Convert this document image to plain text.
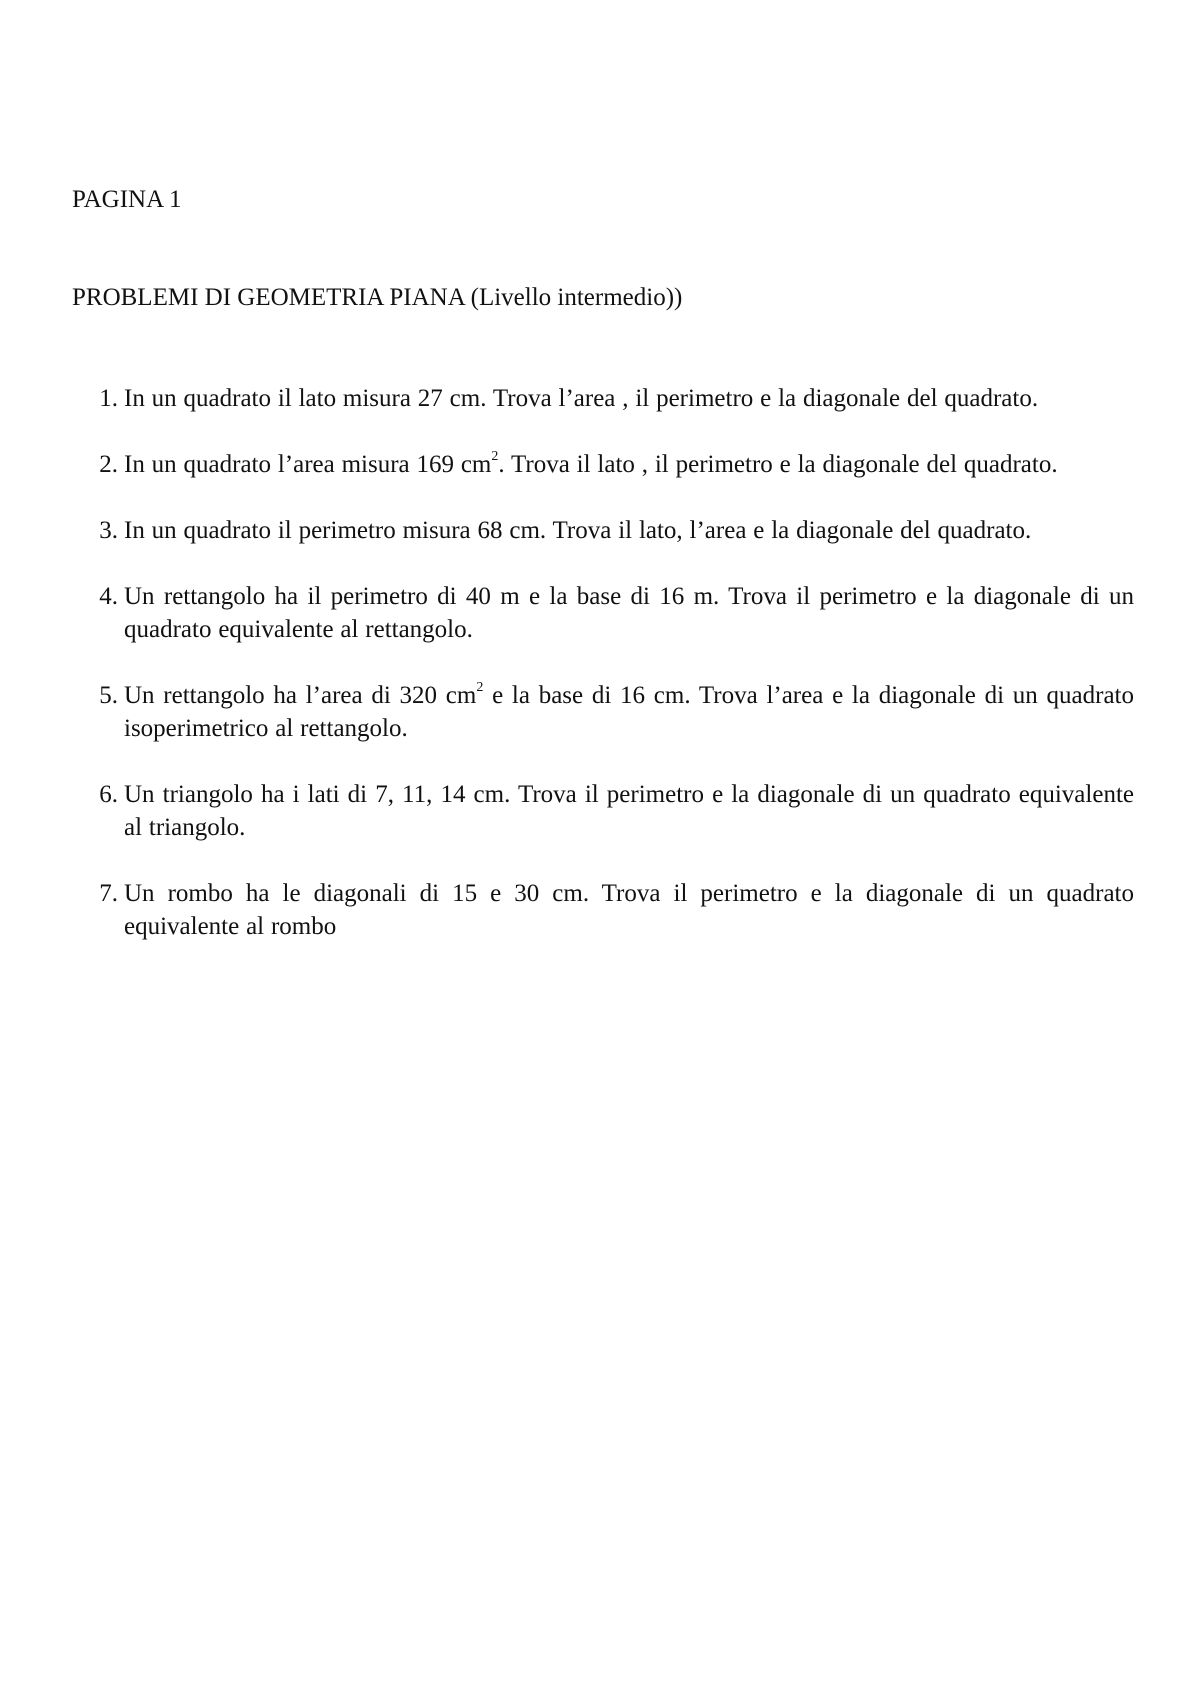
PAGINA 1
PROBLEMI DI GEOMETRIA PIANA (Livello intermedio))
1. In un quadrato il lato misura 27 cm. Trova l’area , il perimetro e la diagonale del quadrato.
2. In un quadrato l’area misura 169 $cm^2$. Trova il lato , il perimetro e la diagonale del quadrato.
3. In un quadrato il perimetro misura 68 cm. Trova il lato, l’area e la diagonale del quadrato.
4. Un rettangolo ha il perimetro di 40 m e la base di 16 m. Trova il perimetro e la diagonale di un quadrato equivalente al rettangolo.
5. Un rettangolo ha l’area di 320 $cm^2$ e la base di 16 cm. Trova l’area e la diagonale di un quadrato isoperimetrico al rettangolo.
6. Un triangolo ha i lati di 7, 11, 14 cm. Trova il perimetro e la diagonale di un quadrato equivalente al triangolo.
7. Un rombo ha le diagonali di 15 e 30 cm. Trova il perimetro e la diagonale di un quadrato equivalente al rombo
